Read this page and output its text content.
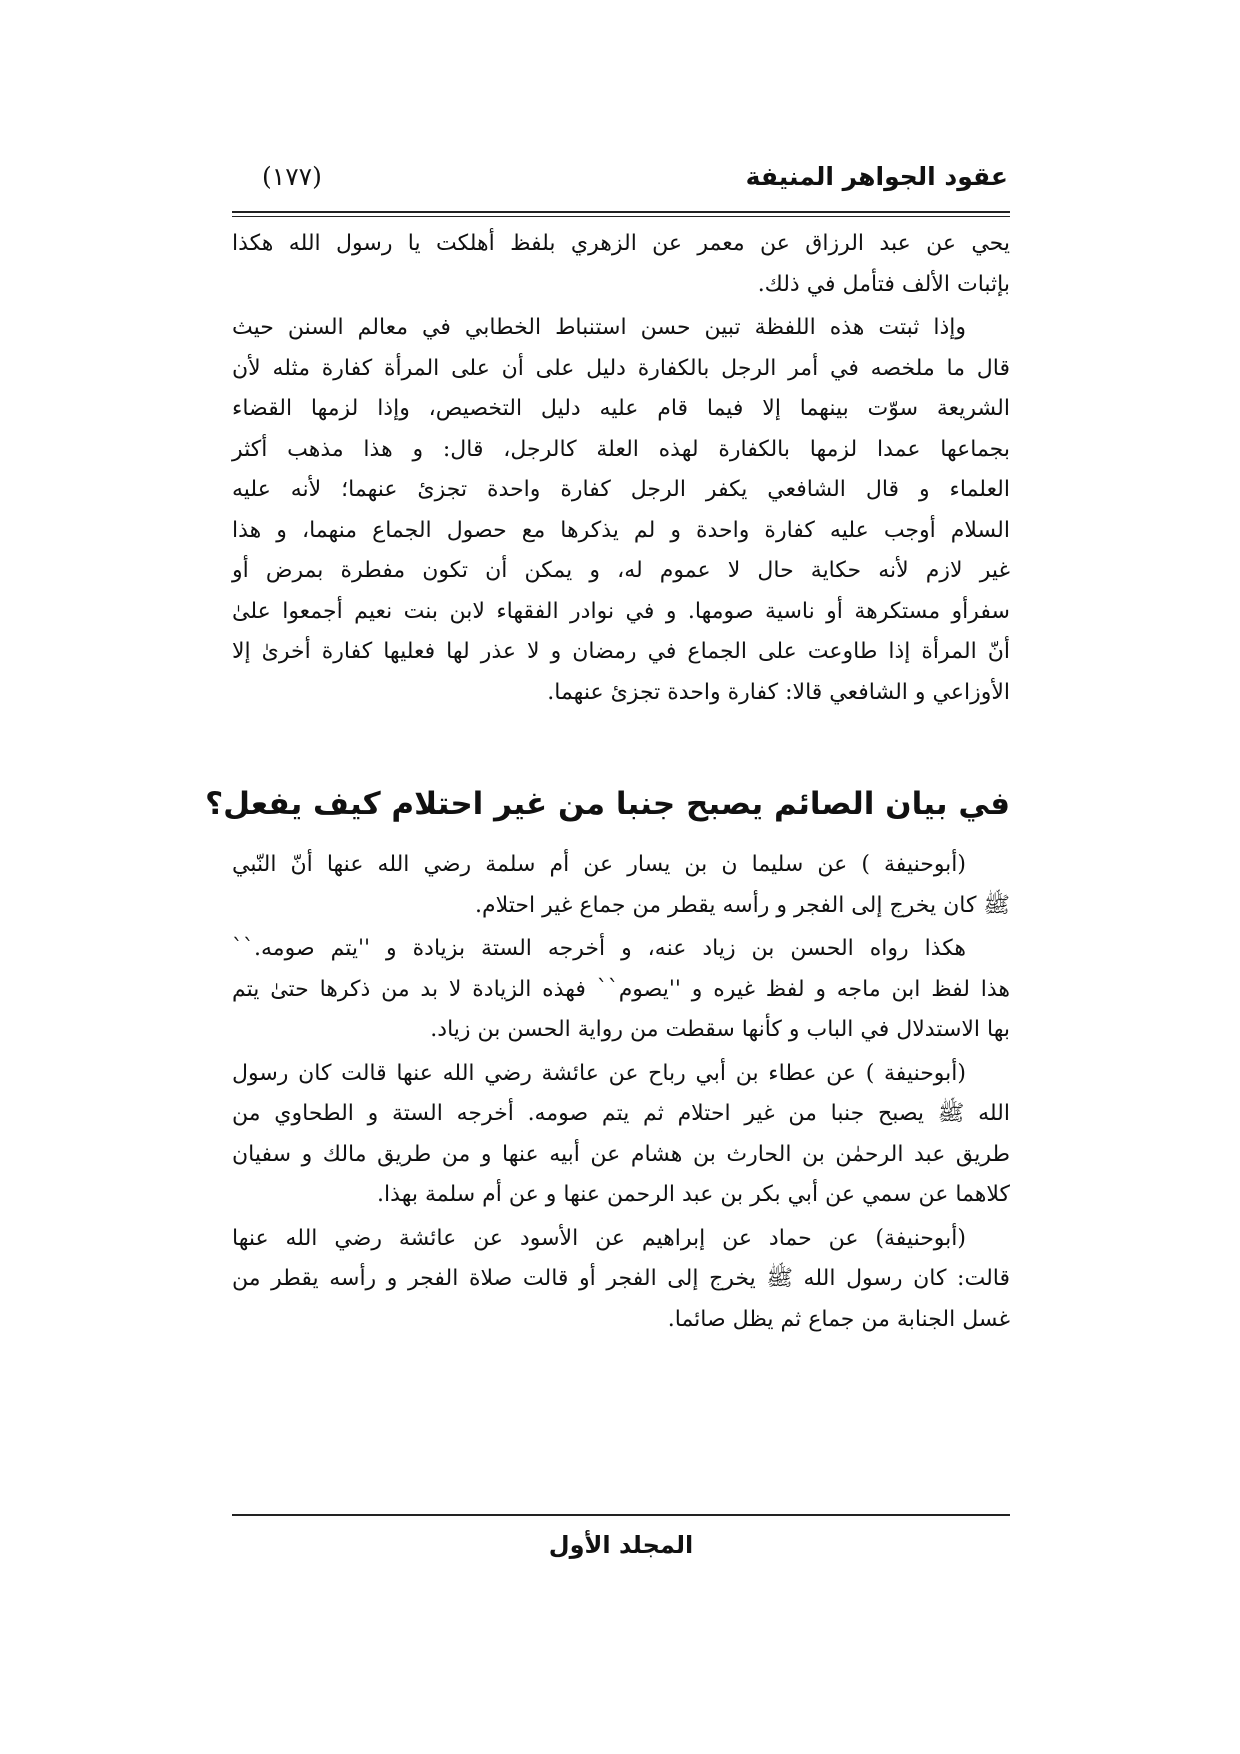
عقود الجواهر المنيفة
(١٧٧)
يحي عن عبد الرزاق عن معمر عن الزهري بلفظ أهلكت يا رسول الله هكذا
بإثبات الألف فتأمل في ذلك.
وإذا ثبتت هذه اللفظة تبين حسن استنباط الخطابي في معالم السنن حيث
قال ما ملخصه في أمر الرجل بالكفارة دليل على أن على المرأة كفارة مثله لأن
الشريعة سوّت بينهما إلا فيما قام عليه دليل التخصيص، وإذا لزمها القضاء
بجماعها عمدا لزمها بالكفارة لهذه العلة كالرجل، قال: و هذا مذهب أكثر
العلماء و قال الشافعي يكفر الرجل كفارة واحدة تجزئ عنهما؛ لأنه عليه
السلام أوجب عليه كفارة واحدة و لم يذكرها مع حصول الجماع منهما، و هذا
غير لازم لأنه حكاية حال لا عموم له، و يمكن أن تكون مفطرة بمرض أو
سفرأو مستكرهة أو ناسية صومها. و في نوادر الفقهاء لابن بنت نعيم أجمعوا علىٰ
أنّ المرأة إذا طاوعت على الجماع في رمضان و لا عذر لها فعليها كفارة أخرىٰ إلا
الأوزاعي و الشافعي قالا: كفارة واحدة تجزئ عنهما.
في بيان الصائم يصبح جنبا من غير احتلام كيف يفعل؟
(أبوحنيفة ) عن سليما ن بن يسار عن أم سلمة رضي الله عنها أنّ النّبي
ﷺ كان يخرج إلى الفجر و رأسه يقطر من جماع غير احتلام.
هكذا رواه الحسن بن زياد عنه، و أخرجه الستة بزيادة و ''يتم صومه.``
هذا لفظ ابن ماجه و لفظ غيره و ''يصوم`` فهذه الزيادة لا بد من ذكرها حتىٰ يتم
بها الاستدلال في الباب و كأنها سقطت من رواية الحسن بن زياد.
(أبوحنيفة ) عن عطاء بن أبي رباح عن عائشة رضي الله عنها قالت كان رسول
الله ﷺ يصبح جنبا من غير احتلام ثم يتم صومه. أخرجه الستة و الطحاوي من
طريق عبد الرحمٰن بن الحارث بن هشام عن أبيه عنها و من طريق مالك و سفيان
كلاهما عن سمي عن أبي بكر بن عبد الرحمن عنها و عن أم سلمة بهذا.
(أبوحنيفة) عن حماد عن إبراهيم عن الأسود عن عائشة رضي الله عنها
قالت: كان رسول الله ﷺ يخرج إلى الفجر أو قالت صلاة الفجر و رأسه يقطر من
غسل الجنابة من جماع ثم يظل صائما.
المجلد الأول
